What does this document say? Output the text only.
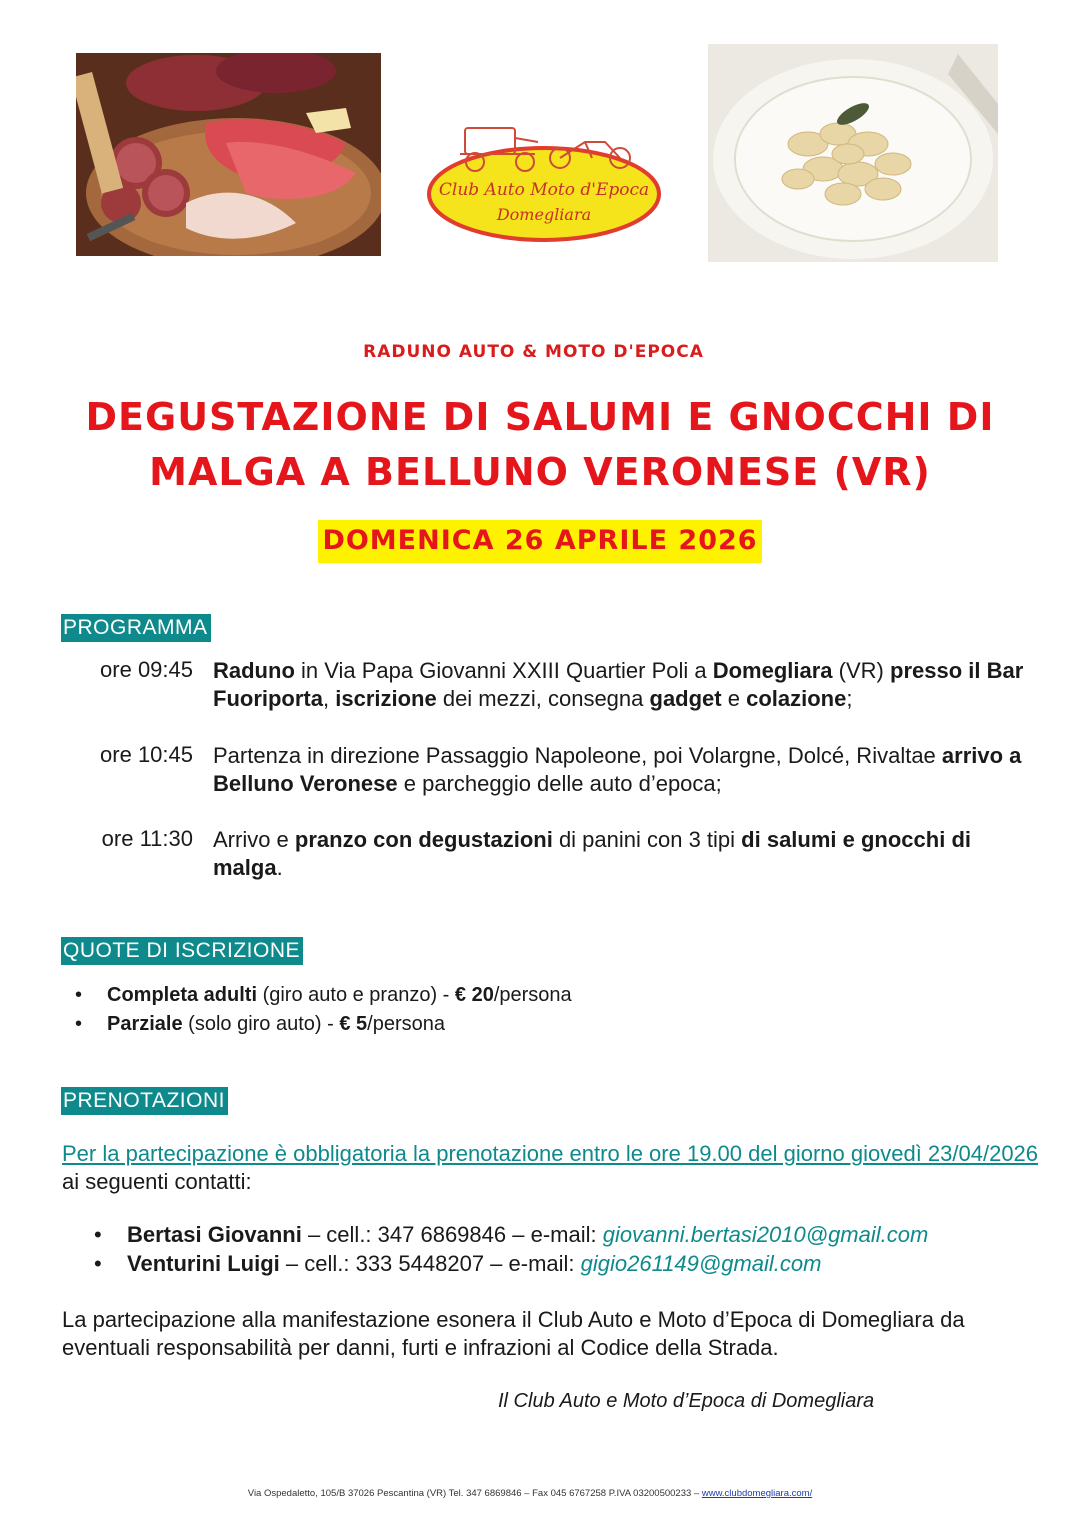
Club Auto Moto d'Epoca
Domegliara
RADUNO AUTO & MOTO D'EPOCA
DEGUSTAZIONE DI SALUMI E GNOCCHI DI
MALGA A BELLUNO VERONESE (VR)
DOMENICA 26 APRILE 2026
PROGRAMMA
ore 09:45 Raduno in Via Papa Giovanni XXIII Quartier Poli a Domegliara (VR) presso il Bar Fuoriporta, iscrizione dei mezzi, consegna gadget e colazione;
ore 10:45 Partenza in direzione Passaggio Napoleone, poi Volargne, Dolcé, Rivaltae arrivo a Belluno Veronese e parcheggio delle auto d’epoca;
ore 11:30 Arrivo e pranzo con degustazioni di panini con 3 tipi di salumi e gnocchi di malga.
QUOTE DI ISCRIZIONE
• Completa adulti (giro auto e pranzo) - € 20/persona
• Parziale (solo giro auto) - € 5/persona
PRENOTAZIONI
Per la partecipazione è obbligatoria la prenotazione entro le ore 19.00 del giorno giovedì 23/04/2026 ai seguenti contatti:
• Bertasi Giovanni – cell.: 347 6869846 – e-mail: giovanni.bertasi2010@gmail.com
• Venturini Luigi – cell.: 333 5448207 – e-mail: gigio261149@gmail.com
La partecipazione alla manifestazione esonera il Club Auto e Moto d’Epoca di Domegliara da eventuali responsabilità per danni, furti e infrazioni al Codice della Strada.
Il Club Auto e Moto d’Epoca di Domegliara
Via Ospedaletto, 105/B 37026 Pescantina (VR) Tel. 347 6869846 – Fax 045 6767258 P.IVA 03200500233 – www.clubdomegliara.com/
